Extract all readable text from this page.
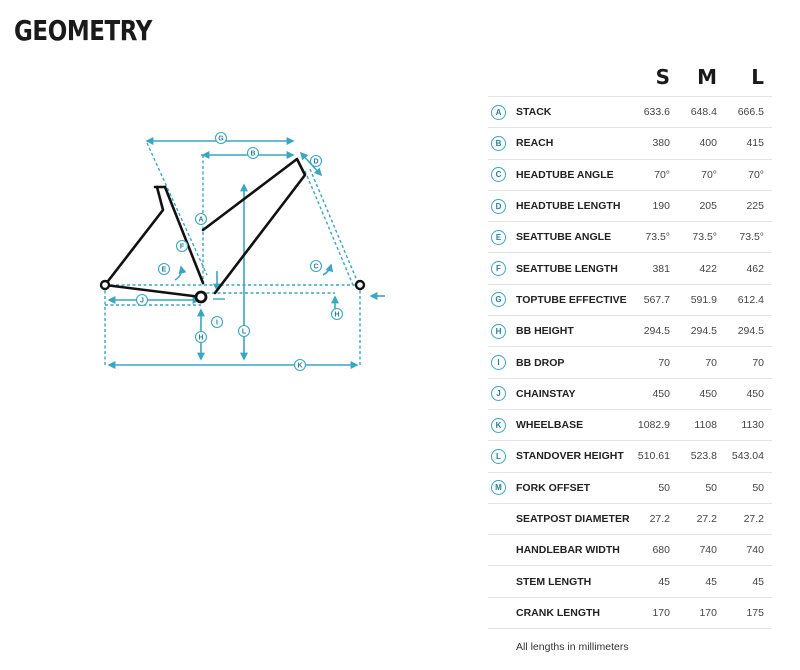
GEOMETRY
G
B
D
A
F
E	C
J
I
H
L
H
K
		S	M	L
A	STACK	633.6	648.4	666.5
B	REACH	380	400	415
C	HEADTUBE ANGLE	70°	70°	70°
D	HEADTUBE LENGTH	190	205	225
E	SEATTUBE ANGLE	73.5°	73.5°	73.5°
F	SEATTUBE LENGTH	381	422	462
G	TOPTUBE EFFECTIVE	567.7	591.9	612.4
H	BB HEIGHT	294.5	294.5	294.5
I	BB DROP	70	70	70
J	CHAINSTAY	450	450	450
K	WHEELBASE	1082.9	1108	1130
L	STANDOVER HEIGHT	510.61	523.8	543.04
M	FORK OFFSET	50	50	50
	SEATPOST DIAMETER	27.2	27.2	27.2
	HANDLEBAR WIDTH	680	740	740
	STEM LENGTH	45	45	45
	CRANK LENGTH	170	170	175
All lengths in millimeters
